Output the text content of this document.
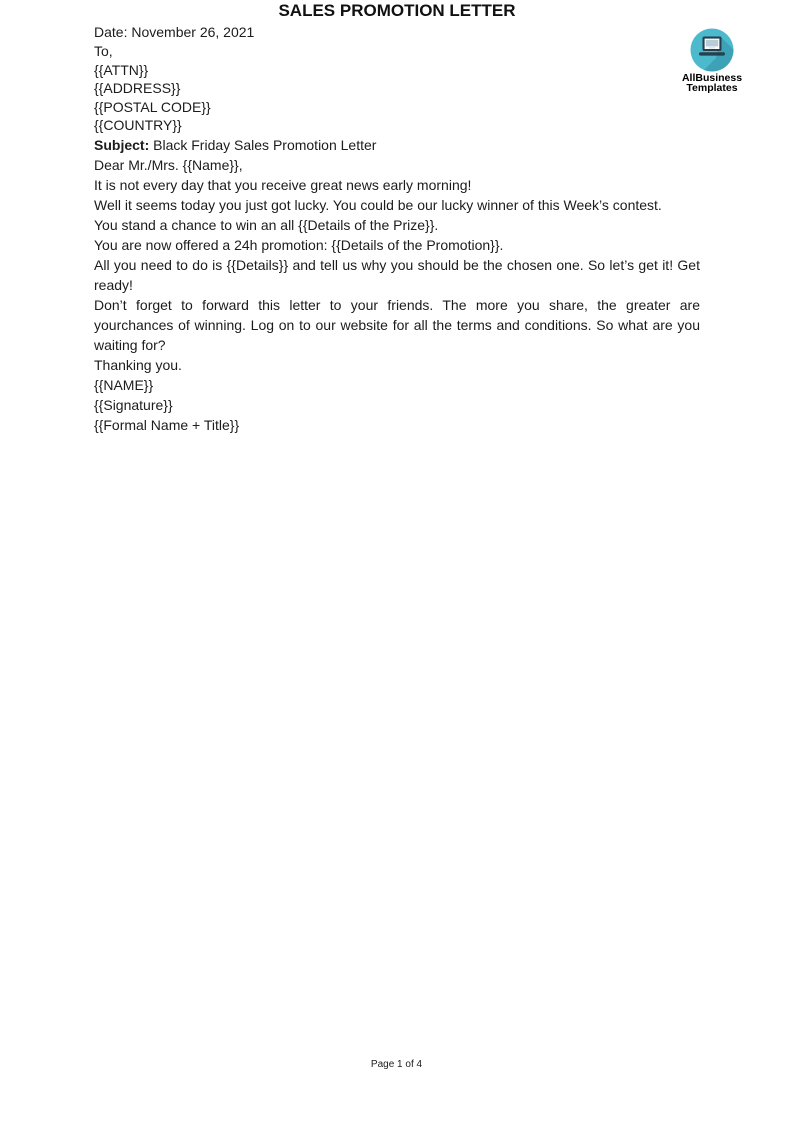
AllBusiness
Templates
SALES PROMOTION LETTER

Date: November 26, 2021

To,
{{ATTN}}
{{ADDRESS}}
{{POSTAL CODE}}
{{COUNTRY}}

Subject: Black Friday Sales Promotion Letter

Dear Mr./Mrs. {{Name}},

It is not every day that you receive great news early morning!

Well it seems today you just got lucky. You could be our lucky winner of this Week’s contest.

You stand a chance to win an all {{Details of the Prize}}.

You are now offered a 24h promotion: {{Details of the Promotion}}.

All you need to do is {{Details}} and tell us why you should be the chosen one. So let’s get it! Get ready!

Don’t forget to forward this letter to your friends. The more you share, the greater are yourchances of winning. Log on to our website for all the terms and conditions. So what are you waiting for?

Thanking you.

{{NAME}}

{{Signature}}

{{Formal Name + Title}}

Page 1 of 4
